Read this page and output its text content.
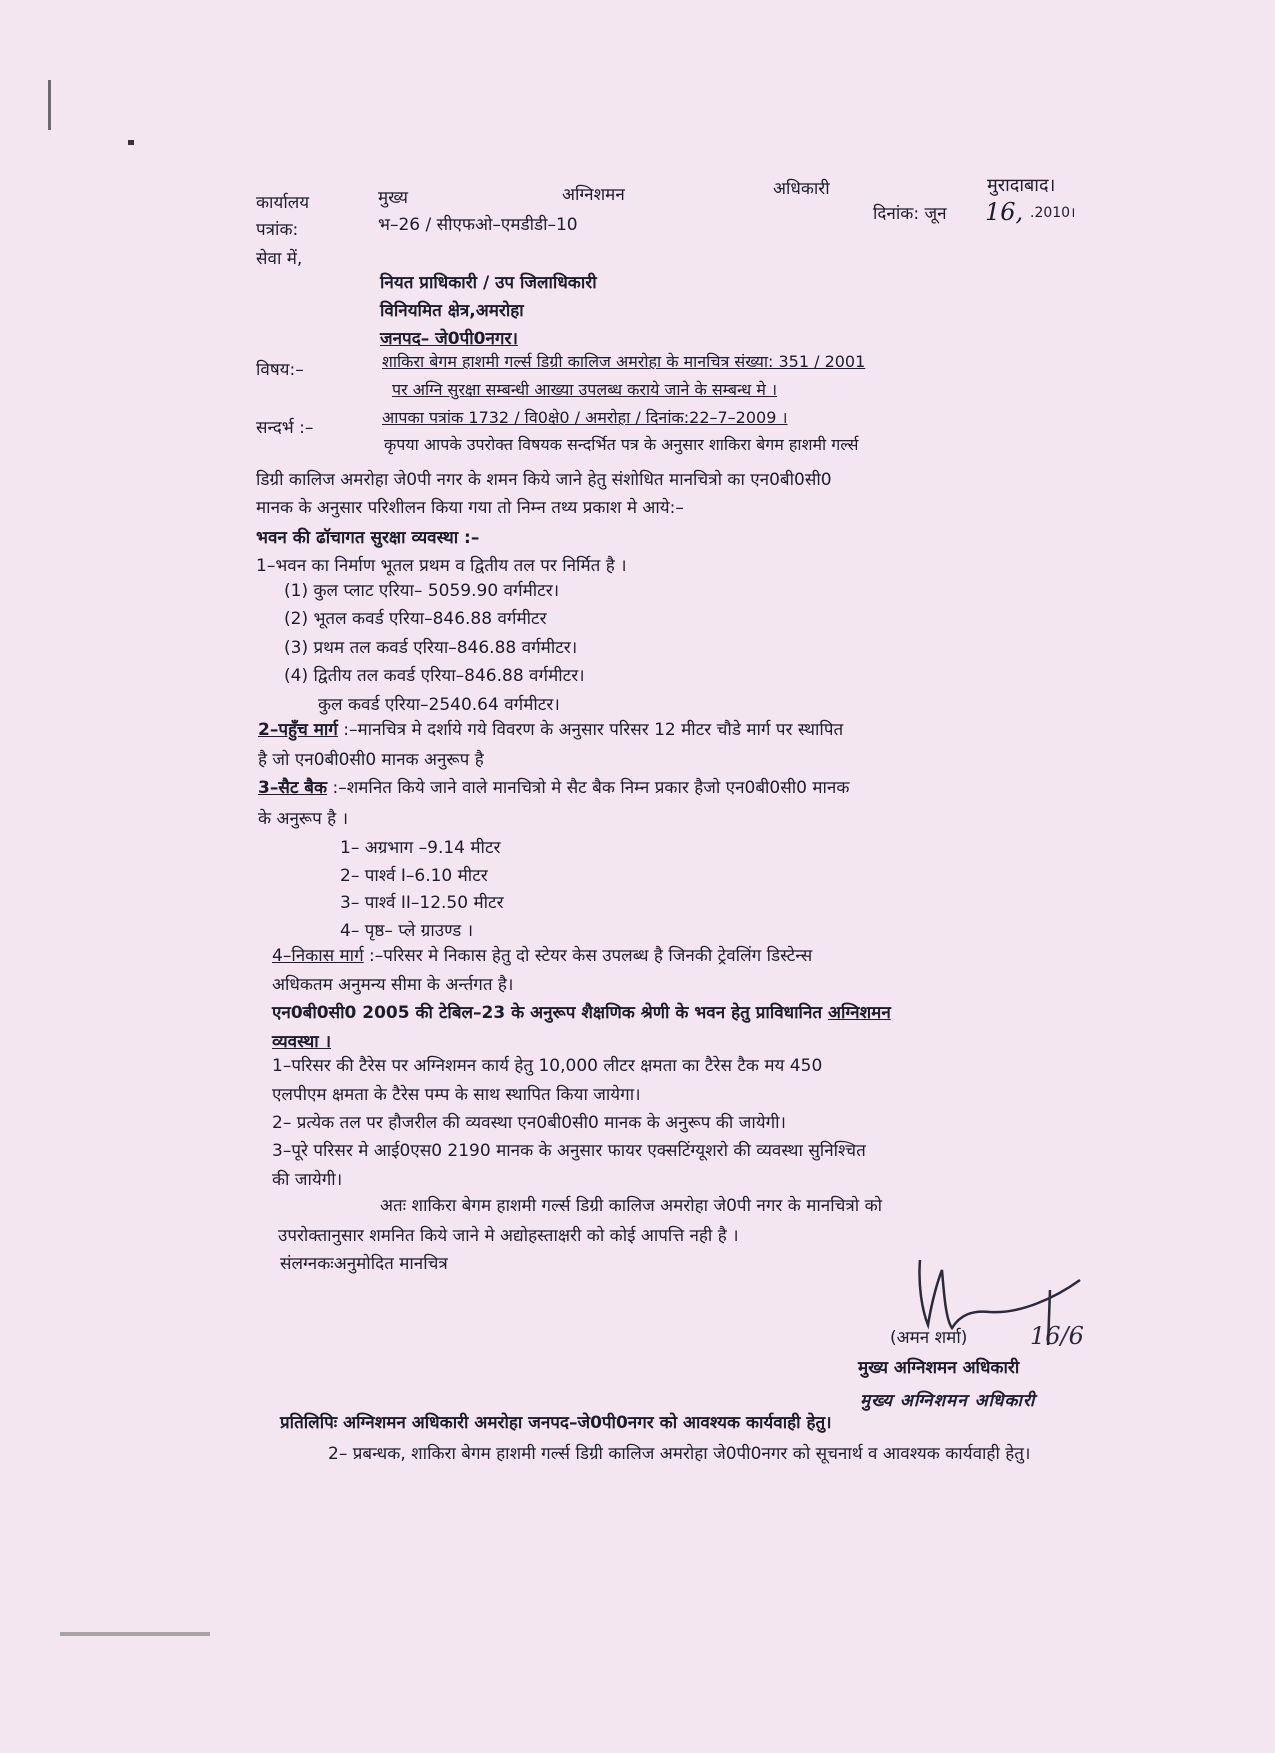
कार्यालय	मुख्य	अग्निशमन	अधिकारी	मुरादाबाद।
पत्रांक:	भ–26 / सीएफओ–एमडीडी–10
दिनांक: जून 16, .2010।
सेवा में,
नियत प्राधिकारी / उप जिलाधिकारी
विनियमित क्षेत्र,अमरोहा
जनपद– जे0पी0नगर।
विषय:–	शाकिरा बेगम हाशमी गर्ल्स डिग्री कालिज अमरोहा के मानचित्र संख्या: 351 / 2001
पर अग्नि सुरक्षा सम्बन्धी आख्या उपलब्ध कराये जाने के सम्बन्ध मे ।
सन्दर्भ :–
आपका पत्रांक 1732 / वि0क्षे0 / अमरोहा / दिनांक:22–7–2009 ।
कृपया आपके उपरोक्त विषयक सन्दर्भित पत्र के अनुसार शाकिरा बेगम हाशमी गर्ल्स
डिग्री कालिज अमरोहा जे0पी नगर के शमन किये जाने हेतु संशोधित मानचित्रो का एन0बी0सी0
मानक के अनुसार परिशीलन किया गया तो निम्न तथ्य प्रकाश मे आये:–
भवन की ढॉचागत सुरक्षा व्यवस्था :–
1–भवन का निर्माण भूतल प्रथम व द्वितीय तल पर निर्मित है ।
(1) कुल प्लाट एरिया– 5059.90 वर्गमीटर।
(2) भूतल कवर्ड एरिया–846.88 वर्गमीटर
(3) प्रथम तल कवर्ड एरिया–846.88 वर्गमीटर।
(4) द्वितीय तल कवर्ड एरिया–846.88 वर्गमीटर।
कुल कवर्ड एरिया–2540.64 वर्गमीटर।
2–पहुँच मार्ग :–मानचित्र मे दर्शाये गये विवरण के अनुसार परिसर 12 मीटर चौडे मार्ग पर स्थापित
है जो एन0बी0सी0 मानक अनुरूप है
3–सैट बैक :–शमनित किये जाने वाले मानचित्रो मे सैट बैक निम्न प्रकार हैजो एन0बी0सी0 मानक
के अनुरूप है ।
1– अग्रभाग –9.14 मीटर
2– पार्श्व I–6.10 मीटर
3– पार्श्व II–12.50 मीटर
4– पृष्ठ– प्ले ग्राउण्ड ।
4–निकास मार्ग :–परिसर मे निकास हेतु दो स्टेयर केस उपलब्ध है जिनकी ट्रेवलिंग डिस्टेन्स
अधिकतम अनुमन्य सीमा के अर्न्तगत है।
एन0बी0सी0 2005 की टेबिल–23 के अनुरूप शैक्षणिक श्रेणी के भवन हेतु प्राविधानित अग्निशमन
व्यवस्था ।
1–परिसर की टैरेस पर अग्निशमन कार्य हेतु 10,000 लीटर क्षमता का टैरेस टैक मय 450
एलपीएम क्षमता के टैरेस पम्प के साथ स्थापित किया जायेगा।
2– प्रत्येक तल पर हौजरील की व्यवस्था एन0बी0सी0 मानक के अनुरूप की जायेगी।
3–पूरे परिसर मे आई0एस0 2190 मानक के अनुसार फायर एक्सटिंग्यूशरो की व्यवस्था सुनिश्चित
की जायेगी।
अतः शाकिरा बेगम हाशमी गर्ल्स डिग्री कालिज अमरोहा जे0पी नगर के मानचित्रो को
उपरोक्तानुसार शमनित किये जाने मे अद्योहस्ताक्षरी को कोई आपत्ति नही है ।
संलग्नकःअनुमोदित मानचित्र
16/6
(अमन शर्मा)
मुख्य अग्निशमन अधिकारी
मुख्य अग्निशमन अधिकारी
प्रतिलिपिः अग्निशमन अधिकारी अमरोहा जनपद–जे0पी0नगर को आवश्यक कार्यवाही हेतु।
2– प्रबन्धक, शाकिरा बेगम हाशमी गर्ल्स डिग्री कालिज अमरोहा जे0पी0नगर को सूचनार्थ व आवश्यक कार्यवाही हेतु।
